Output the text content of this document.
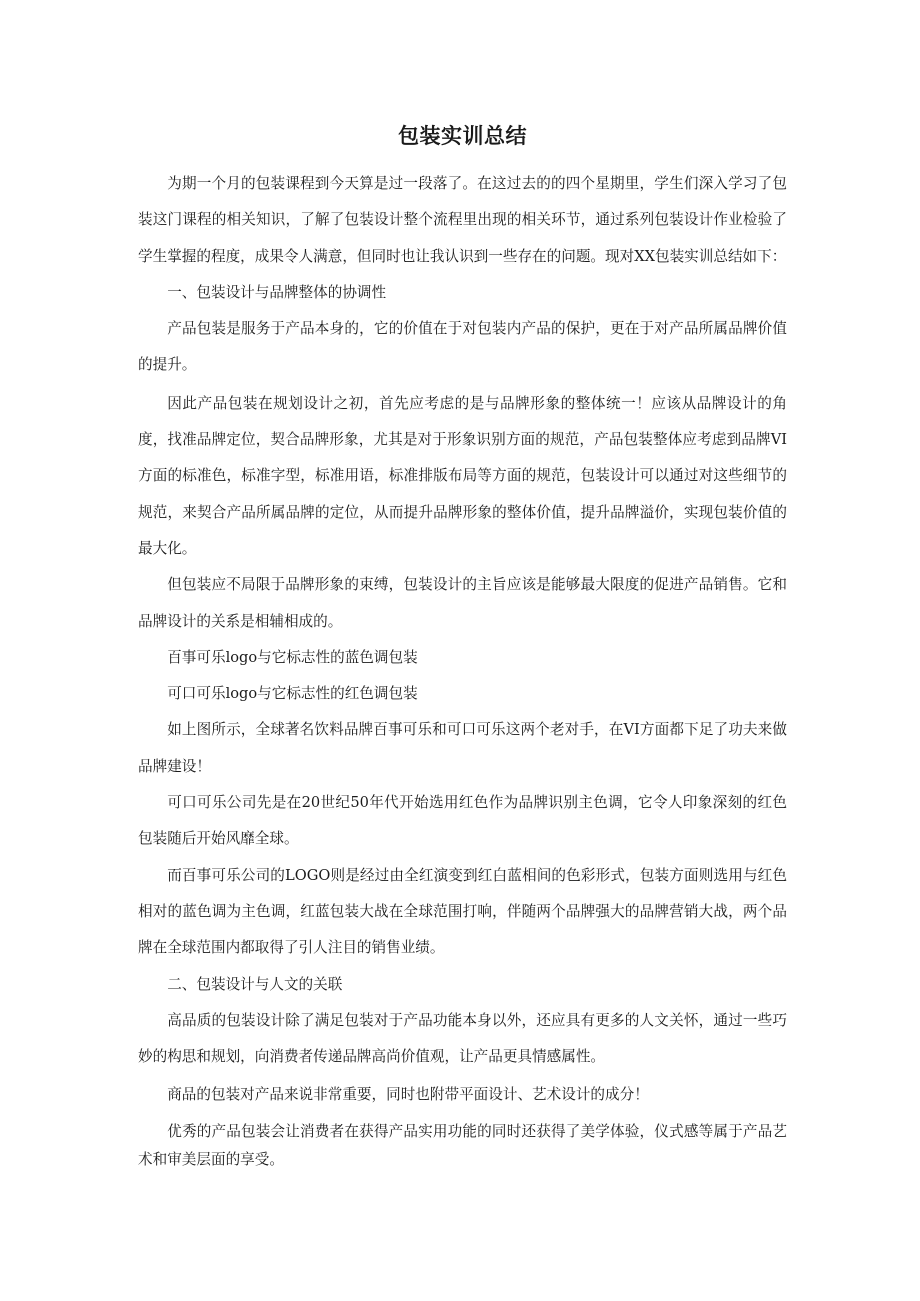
包装实训总结

为期一个月的包装课程到今天算是过一段落了。在这过去的的四个星期里，学生们深入学习了包装这门课程的相关知识，了解了包装设计整个流程里出现的相关环节，通过系列包装设计作业检验了学生掌握的程度，成果令人满意，但同时也让我认识到一些存在的问题。现对XX包装实训总结如下：

一、包装设计与品牌整体的协调性

产品包装是服务于产品本身的，它的价值在于对包装内产品的保护，更在于对产品所属品牌价值的提升。

因此产品包装在规划设计之初，首先应考虑的是与品牌形象的整体统一！应该从品牌设计的角度，找准品牌定位，契合品牌形象，尤其是对于形象识别方面的规范，产品包装整体应考虑到品牌VI方面的标准色，标准字型，标准用语，标准排版布局等方面的规范，包装设计可以通过对这些细节的规范，来契合产品所属品牌的定位，从而提升品牌形象的整体价值，提升品牌溢价，实现包装价值的最大化。

但包装应不局限于品牌形象的束缚，包装设计的主旨应该是能够最大限度的促进产品销售。它和品牌设计的关系是相辅相成的。

百事可乐logo与它标志性的蓝色调包装

可口可乐logo与它标志性的红色调包装

如上图所示，全球著名饮料品牌百事可乐和可口可乐这两个老对手，在VI方面都下足了功夫来做品牌建设！

可口可乐公司先是在20世纪50年代开始选用红色作为品牌识别主色调，它令人印象深刻的红色包装随后开始风靡全球。

而百事可乐公司的LOGO则是经过由全红演变到红白蓝相间的色彩形式，包装方面则选用与红色相对的蓝色调为主色调，红蓝包装大战在全球范围打响，伴随两个品牌强大的品牌营销大战，两个品牌在全球范围内都取得了引人注目的销售业绩。

二、包装设计与人文的关联

高品质的包装设计除了满足包装对于产品功能本身以外，还应具有更多的人文关怀，通过一些巧妙的构思和规划，向消费者传递品牌高尚价值观，让产品更具情感属性。

商品的包装对产品来说非常重要，同时也附带平面设计、艺术设计的成分！

优秀的产品包装会让消费者在获得产品实用功能的同时还获得了美学体验，仪式感等属于产品艺术和审美层面的享受。
